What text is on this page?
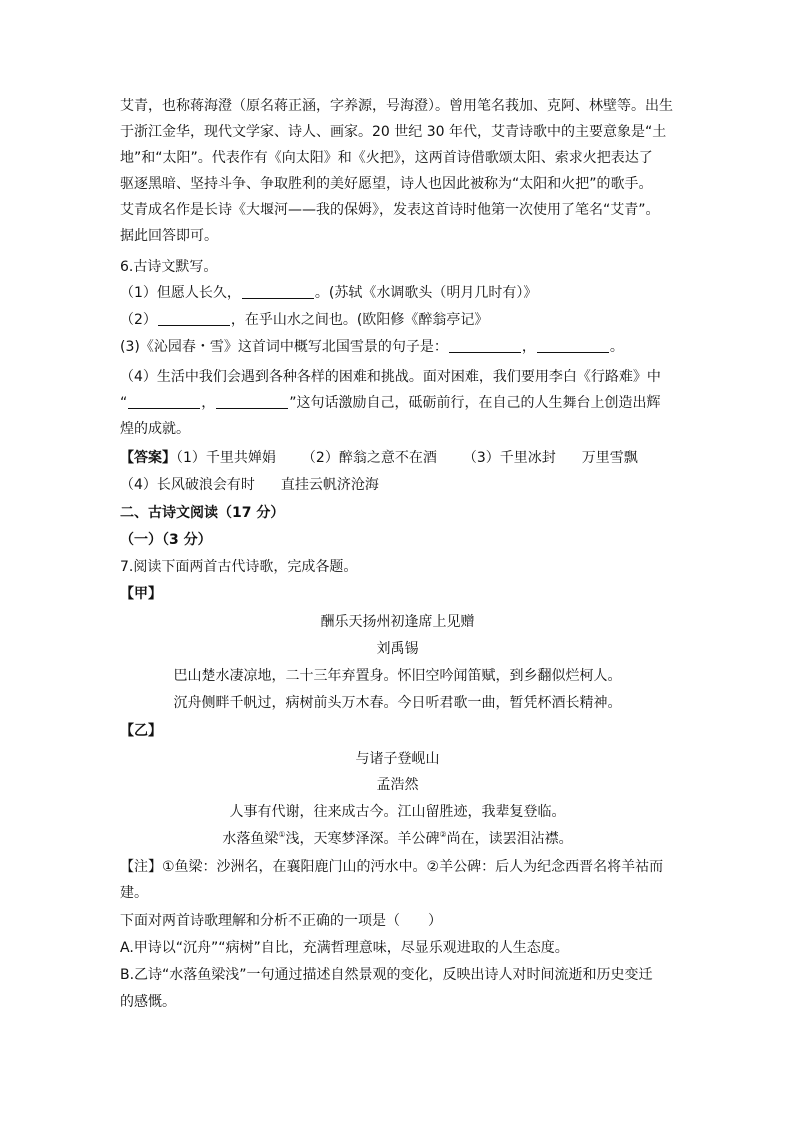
艾青，也称蒋海澄（原名蒋正涵，字养源，号海澄）。曾用笔名莪加、克阿、林壁等。出生
于浙江金华，现代文学家、诗人、画家。20 世纪 30 年代，艾青诗歌中的主要意象是“土
地”和“太阳”。代表作有《向太阳》和《火把》，这两首诗借歌颂太阳、索求火把表达了
驱逐黑暗、坚持斗争、争取胜利的美好愿望，诗人也因此被称为“太阳和火把”的歌手。
艾青成名作是长诗《大堰河——我的保姆》，发表这首诗时他第一次使用了笔名“艾青”。
据此回答即可。
6.古诗文默写。
（1）但愿人长久，	。(苏轼《水调歌头（明月几时有）》
（2）	，在乎山水之间也。(欧阳修《醉翁亭记》
(3)《沁园春・雪》这首词中概写北国雪景的句子是：	，	。
（4）生活中我们会遇到各种各样的困难和挑战。面对困难，我们要用李白《行路难》中
“	，	”这句话激励自己，砥砺前行，在自己的人生舞台上创造出辉
煌的成就。
【答案】（1）千里共婵娟 （2）醉翁之意不在酒 （3）千里冰封 万里雪飘
（4）长风破浪会有时 直挂云帆济沧海
二、古诗文阅读（17 分）
（一）（3 分）
7.阅读下面两首古代诗歌，完成各题。
【甲】
酬乐天扬州初逢席上见赠
刘禹锡
巴山楚水凄凉地，二十三年弃置身。怀旧空吟闻笛赋，到乡翻似烂柯人。
沉舟侧畔千帆过，病树前头万木春。今日听君歌一曲，暂凭杯酒长精神。
【乙】
与诸子登岘山
孟浩然
人事有代谢，往来成古今。江山留胜迹，我辈复登临。
水落鱼梁①浅，天寒梦泽深。羊公碑②尚在，读罢泪沾襟。
【注】①鱼梁：沙洲名，在襄阳鹿门山的沔水中。②羊公碑：后人为纪念西晋名将羊祜而
建。
下面对两首诗歌理解和分析不正确的一项是（　　）
A.甲诗以“沉舟”“病树”自比，充满哲理意味，尽显乐观进取的人生态度。
B.乙诗“水落鱼梁浅”一句通过描述自然景观的变化，反映出诗人对时间流逝和历史变迁
的感慨。
